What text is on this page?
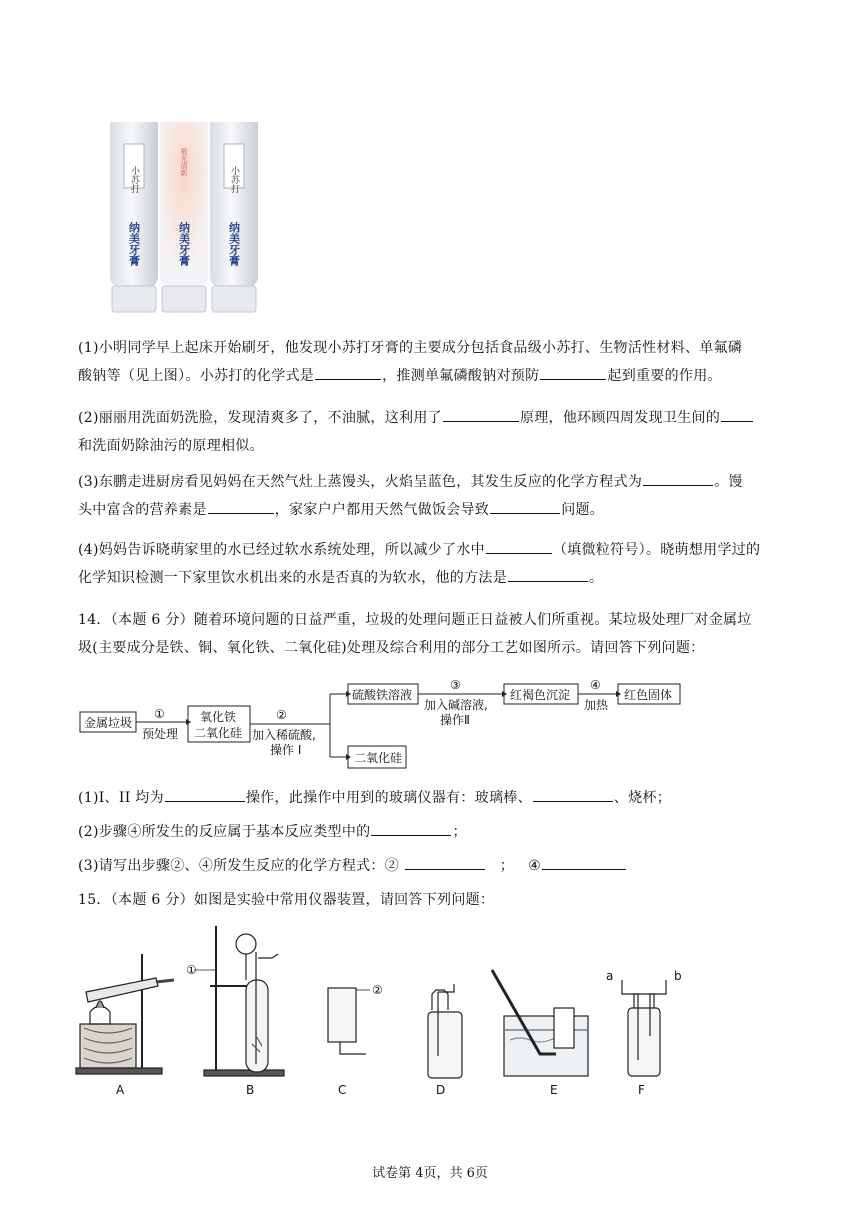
小苏打
纳美牙膏
极光清新
纳美牙膏
小苏打
纳美牙膏
(1)小明同学早上起床开始刷牙，他发现小苏打牙膏的主要成分包括食品级小苏打、生物活性材料、单氟磷
酸钠等（见上图）。小苏打的化学式是	，推测单氟磷酸钠对预防	起到重要的作用。
(2)丽丽用洗面奶洗脸，发现清爽多了，不油腻，这利用了	原理，他环顾四周发现卫生间的
和洗面奶除油污的原理相似。
(3)东鹏走进厨房看见妈妈在天然气灶上蒸馒头，火焰呈蓝色，其发生反应的化学方程式为	。馒
头中富含的营养素是	，家家户户都用天然气做饭会导致	问题。
(4)妈妈告诉晓萌家里的水已经过软水系统处理，所以减少了水中	（填微粒符号）。晓萌想用学过的
化学知识检测一下家里饮水机出来的水是否真的为软水，他的方法是	。
14．（本题 6 分）随着环境问题的日益严重，垃圾的处理问题正日益被人们所重视。某垃圾处理厂对金属垃
圾(主要成分是铁、铜、氧化铁、二氧化硅)处理及综合利用的部分工艺如图所示。请回答下列问题：
金属垃圾
①
预处理
氧化铁
二氧化硅
②
加入稀硫酸,
操作 I
硫酸铁溶液
③
加入碱溶液,
操作Ⅱ
红褐色沉淀
④
加热
红色固体
二氧化硅
(1)I、II 均为	操作，此操作中用到的玻璃仪器有：玻璃棒、	、烧杯；
(2)步骤④所发生的反应属于基本反应类型中的	；
(3)请写出步骤②、④所发生反应的化学方程式：②	； ④
15．（本题 6 分）如图是实验中常用仪器装置，请回答下列问题：
①
②
a	b
A	B	C	D	E	F
试卷第 4页，共 6页
